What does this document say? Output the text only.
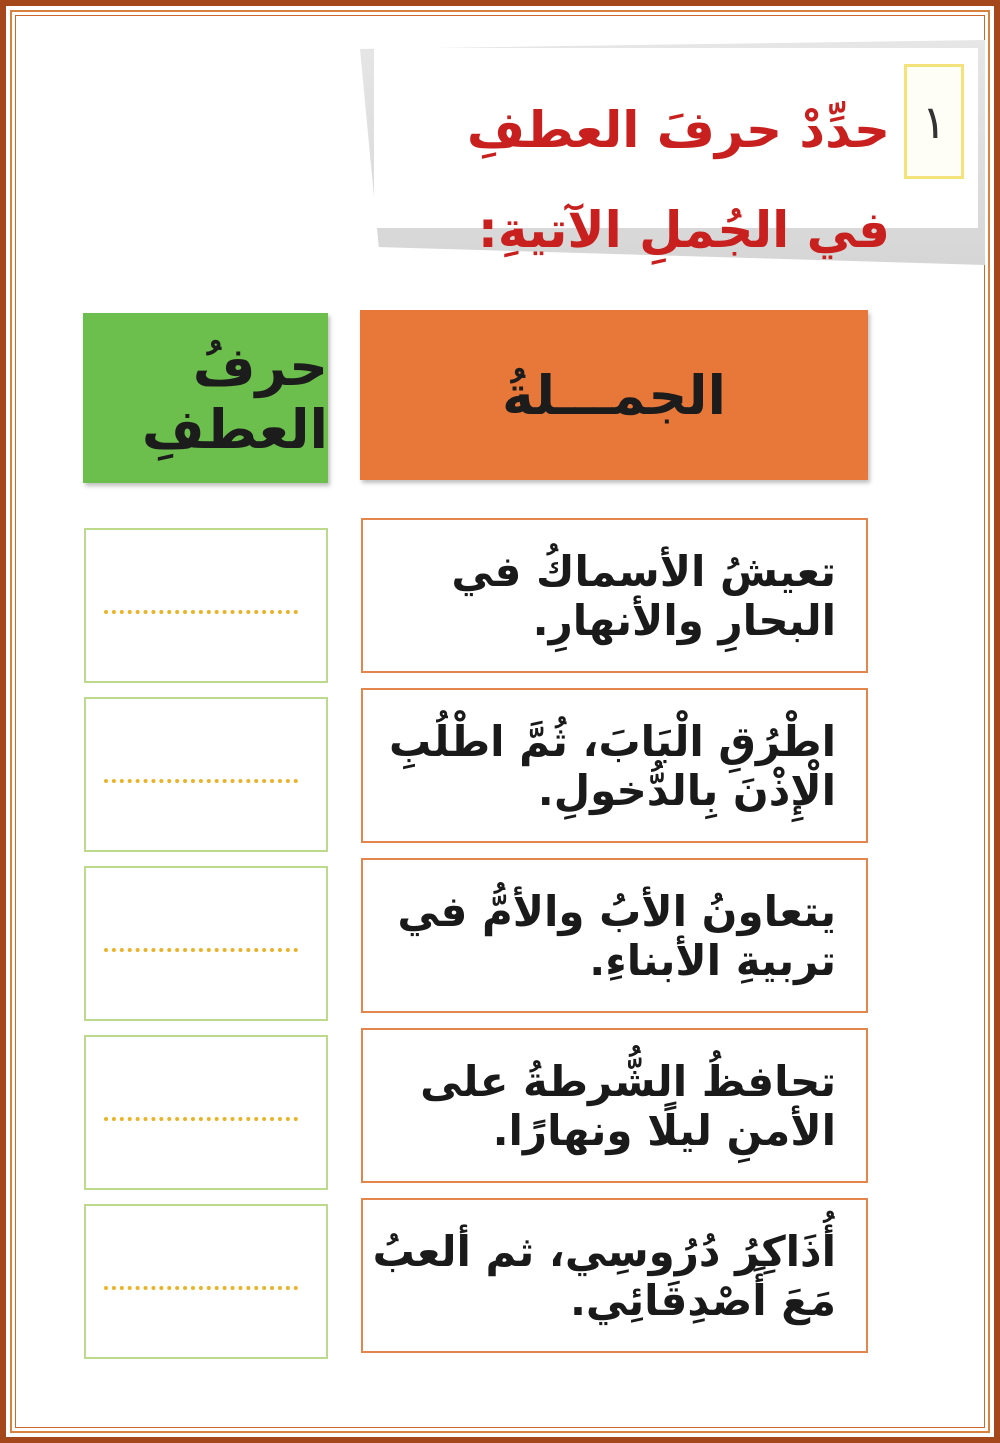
١
حدِّدْ حرفَ العطفِ في الجُملِ الآتيةِ:
الجمـــلةُ
حرفُ العطفِ
تعيشُ الأسماكُ في البحارِ والأنهارِ.
اطْرُقِ الْبَابَ، ثُمَّ اطْلُبِ الْإِذْنَ بِالدُّخولِ.
يتعاونُ الأبُ والأمُّ في تربيةِ الأبناءِ.
تحافظُ الشُّرطةُ على الأمنِ ليلًا ونهارًا.
أُذَاكِرُ دُرُوسِي، ثم ألعبُ مَعَ أَصْدِقَائِي.
